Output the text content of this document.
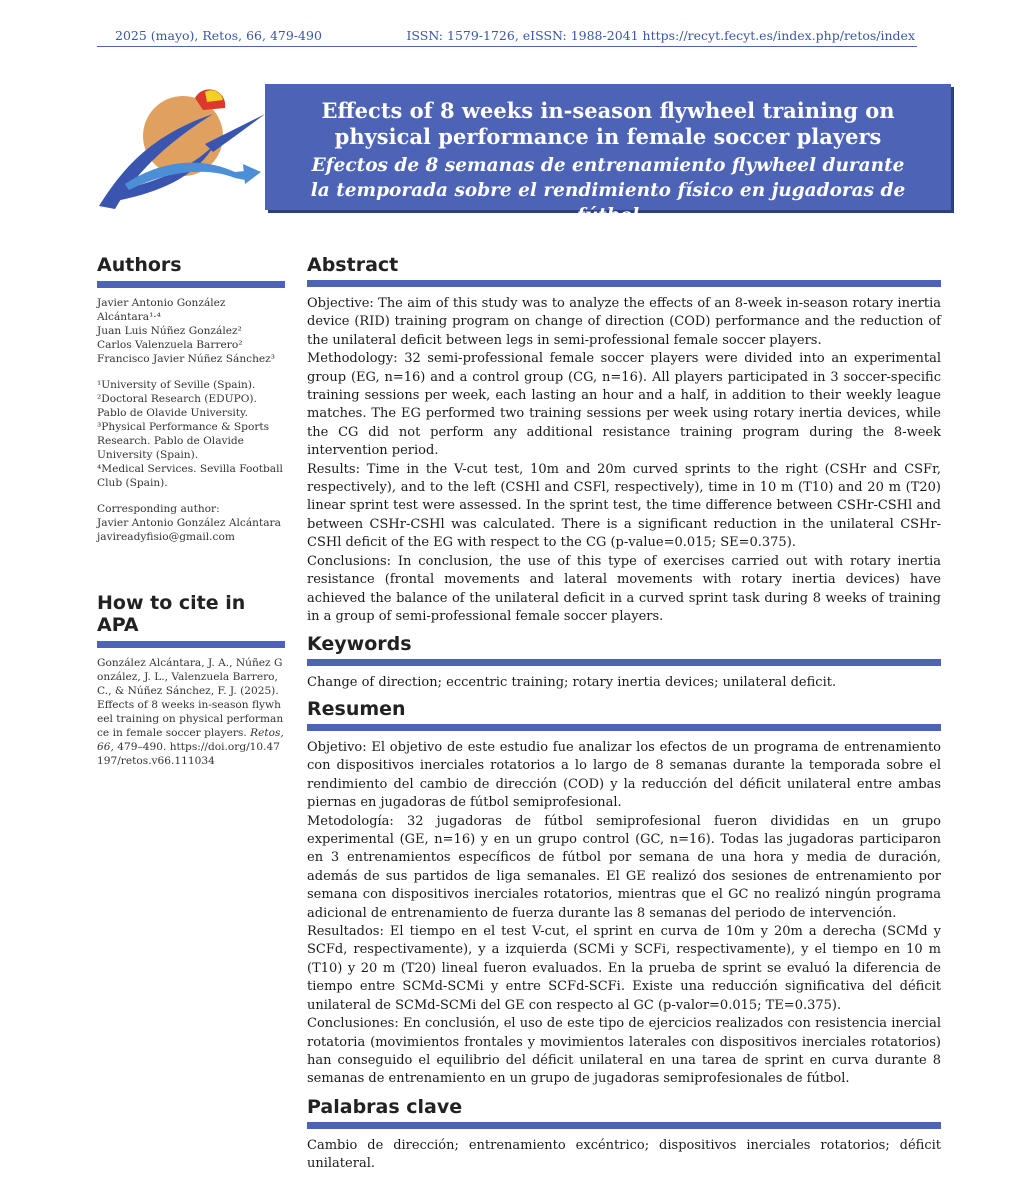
2025 (mayo), Retos, 66, 479-490	ISSN: 1579-1726, eISSN: 1988-2041 https://recyt.fecyt.es/index.php/retos/index
Effects of 8 weeks in-season flywheel training on physical performance in female soccer players
Efectos de 8 semanas de entrenamiento flywheel durante la temporada sobre el rendimiento físico en jugadoras de fútbol
Authors

Javier Antonio González Alcántara¹·⁴

Juan Luis Núñez González²

Carlos Valenzuela Barrero²

Francisco Javier Núñez Sánchez³

¹University of Seville (Spain).

²Doctoral Research (EDUPO). Pablo de Olavide University.

³Physical Performance & Sports Research. Pablo de Olavide University (Spain).

⁴Medical Services. Sevilla Football Club (Spain).

Corresponding author:

Javier Antonio González Alcántara

javireadyfisio@gmail.com

How to cite in APA
González Alcántara, J. A., Núñez González, J. L., Valenzuela Barrero, C., & Núñez Sánchez, F. J. (2025). Effects of 8 weeks in-season flywheel training on physical performance in female soccer players. Retos, 66, 479–490. https://doi.org/10.47197/retos.v66.111034
Abstract

Objective: The aim of this study was to analyze the effects of an 8-week in-season rotary inertia device (RID) training program on change of direction (COD) performance and the reduction of the unilateral deficit between legs in semi-professional female soccer players.

Methodology: 32 semi-professional female soccer players were divided into an experimental group (EG, n=16) and a control group (CG, n=16). All players participated in 3 soccer-specific training sessions per week, each lasting an hour and a half, in addition to their weekly league matches. The EG performed two training sessions per week using rotary inertia devices, while the CG did not perform any additional resistance training program during the 8-week intervention period.

Results: Time in the V-cut test, 10m and 20m curved sprints to the right (CSHr and CSFr, respectively), and to the left (CSHl and CSFl, respectively), time in 10 m (T10) and 20 m (T20) linear sprint test were assessed. In the sprint test, the time difference between CSHr-CSHl and between CSHr-CSHl was calculated. There is a significant reduction in the unilateral CSHr-CSHl deficit of the EG with respect to the CG (p-value=0.015; SE=0.375).

Conclusions: In conclusion, the use of this type of exercises carried out with rotary inertia resistance (frontal movements and lateral movements with rotary inertia devices) have achieved the balance of the unilateral deficit in a curved sprint task during 8 weeks of training in a group of semi-professional female soccer players.

Keywords
Change of direction; eccentric training; rotary inertia devices; unilateral deficit.
Resumen

Objetivo: El objetivo de este estudio fue analizar los efectos de un programa de entrenamiento con dispositivos inerciales rotatorios a lo largo de 8 semanas durante la temporada sobre el rendimiento del cambio de dirección (COD) y la reducción del déficit unilateral entre ambas piernas en jugadoras de fútbol semiprofesional.

Metodología: 32 jugadoras de fútbol semiprofesional fueron divididas en un grupo experimental (GE, n=16) y en un grupo control (GC, n=16). Todas las jugadoras participaron en 3 entrenamientos específicos de fútbol por semana de una hora y media de duración, además de sus partidos de liga semanales. El GE realizó dos sesiones de entrenamiento por semana con dispositivos inerciales rotatorios, mientras que el GC no realizó ningún programa adicional de entrenamiento de fuerza durante las 8 semanas del periodo de intervención.

Resultados: El tiempo en el test V-cut, el sprint en curva de 10m y 20m a derecha (SCMd y SCFd, respectivamente), y a izquierda (SCMi y SCFi, respectivamente), y el tiempo en 10 m (T10) y 20 m (T20) lineal fueron evaluados. En la prueba de sprint se evaluó la diferencia de tiempo entre SCMd-SCMi y entre SCFd-SCFi. Existe una reducción significativa del déficit unilateral de SCMd-SCMi del GE con respecto al GC (p-valor=0.015; TE=0.375).

Conclusiones: En conclusión, el uso de este tipo de ejercicios realizados con resistencia inercial rotatoria (movimientos frontales y movimientos laterales con dispositivos inerciales rotatorios) han conseguido el equilibrio del déficit unilateral en una tarea de sprint en curva durante 8 semanas de entrenamiento en un grupo de jugadoras semiprofesionales de fútbol.

Palabras clave
Cambio de dirección; entrenamiento excéntrico; dispositivos inerciales rotatorios; déficit unilateral.
